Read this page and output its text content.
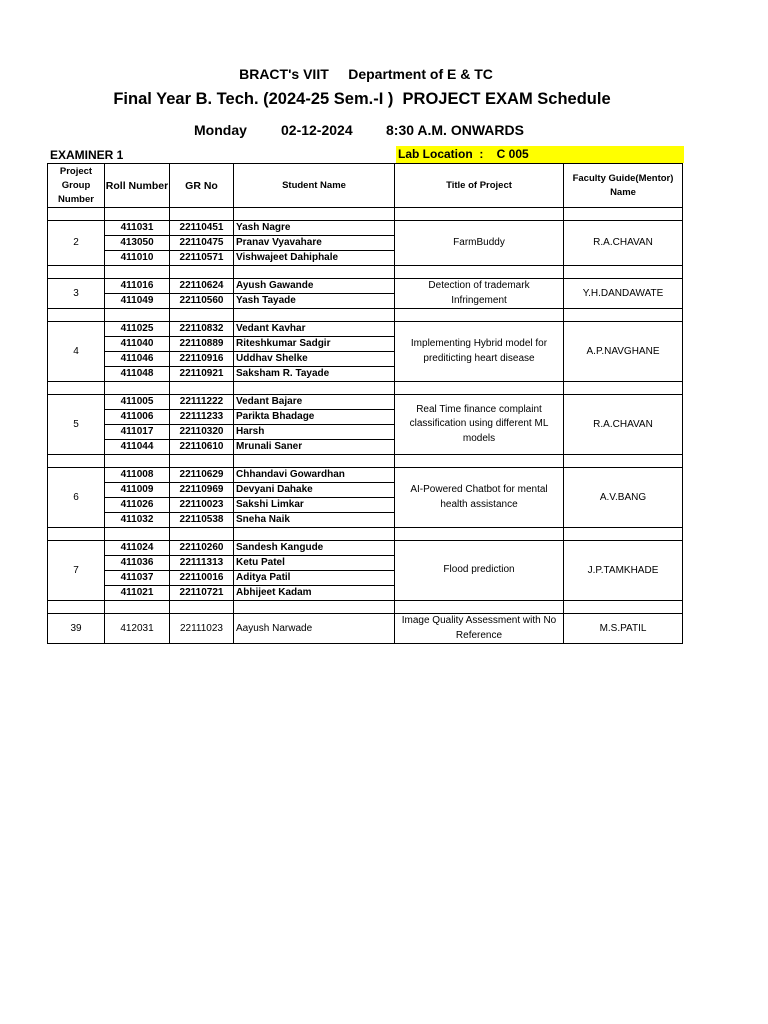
BRACT's VIIT     Department of E & TC
Final Year B. Tech. (2024-25 Sem.-I )  PROJECT EXAM Schedule
Monday 02-12-2024 8:30 A.M. ONWARDS
EXAMINER 1	Lab Location  :    C 005
Project Group Number	Roll Number	GR No	Student Name	Title of Project	Faculty Guide(Mentor) Name

2	411031	22110451	Yash Nagre	FarmBuddy	R.A.CHAVAN
	413050	22110475	Pranav Vyavahare		
	411010	22110571	Vishwajeet Dahiphale		

3	411016	22110624	Ayush Gawande	Detection of trademark Infringement	Y.H.DANDAWATE
	411049	22110560	Yash Tayade		

4	411025	22110832	Vedant Kavhar	Implementing Hybrid model for prediticting heart disease	A.P.NAVGHANE
	411040	22110889	Riteshkumar Sadgir		
	411046	22110916	Uddhav Shelke		
	411048	22110921	Saksham R. Tayade		

5	411005	22111222	Vedant Bajare	Real Time finance complaint classification using different ML models	R.A.CHAVAN
	411006	22111233	Parikta Bhadage		
	411017	22110320	Harsh		
	411044	22110610	Mrunali Saner		

6	411008	22110629	Chhandavi Gowardhan	AI-Powered Chatbot for mental health assistance	A.V.BANG
	411009	22110969	Devyani Dahake		
	411026	22110023	Sakshi Limkar		
	411032	22110538	Sneha Naik		

7	411024	22110260	Sandesh Kangude	Flood prediction	J.P.TAMKHADE
	411036	22111313	Ketu Patel		
	411037	22110016	Aditya Patil		
	411021	22110721	Abhijeet Kadam		

39	412031	22111023	Aayush Narwade	Image Quality Assessment with No Reference	M.S.PATIL
